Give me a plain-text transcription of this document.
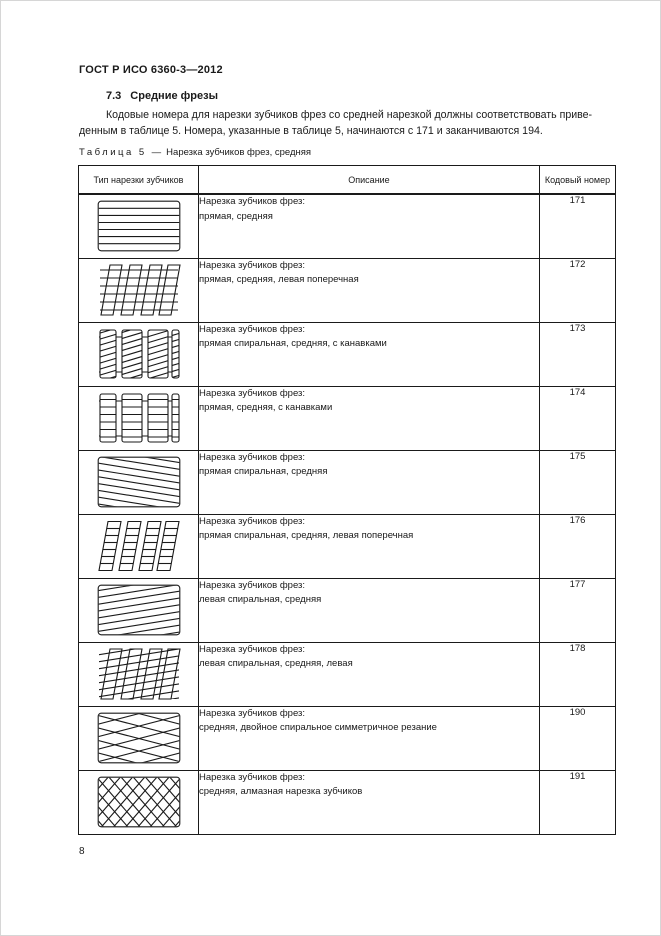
ГОСТ Р ИСО 6360-3—2012
7.3 Средние фрезы
Кодовые номера для нарезки зубчиков фрез со средней нарезкой должны соответствовать приве-
денным в таблице 5. Номера, указанные в таблице 5, начинаются с 171 и заканчиваются 194.
Таблица 5 — Нарезка зубчиков фрез, средняя
Тип нарезки зубчиков	Описание	Кодовый номер

Нарезка зубчиков фрез:
прямая, средняя	171

Нарезка зубчиков фрез:
прямая, средняя, левая поперечная	172

Нарезка зубчиков фрез:
прямая спиральная, средняя, с канавками	173

Нарезка зубчиков фрез:
прямая, средняя, с канавками	174

Нарезка зубчиков фрез:
прямая спиральная, средняя	175

Нарезка зубчиков фрез:
прямая спиральная, средняя, левая поперечная	176

Нарезка зубчиков фрез:
левая спиральная, средняя	177

Нарезка зубчиков фрез:
левая спиральная, средняя, левая	178

Нарезка зубчиков фрез:
средняя, двойное спиральное симметричное резание	190

Нарезка зубчиков фрез:
средняя, алмазная нарезка зубчиков	191
8
